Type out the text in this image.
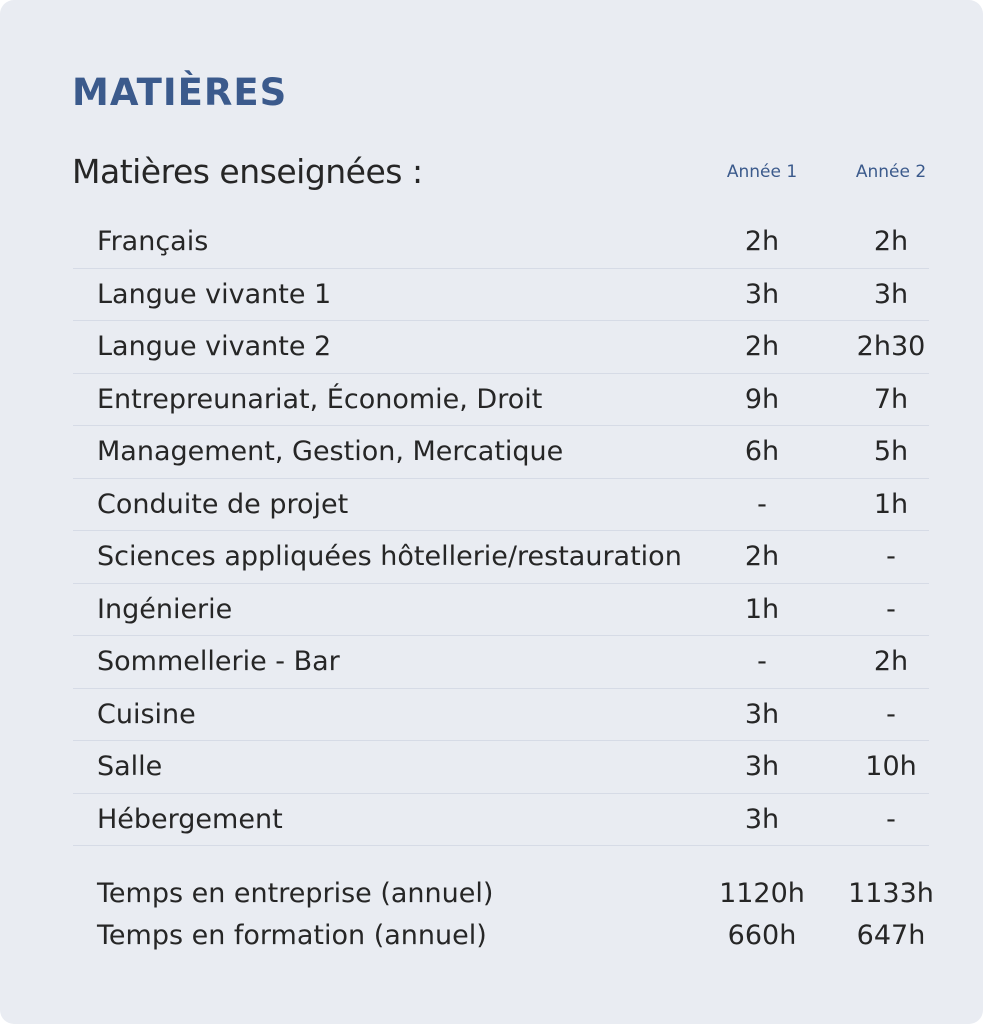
MATIÈRES
Matières enseignées :	Année 1	Année 2
Français	2h	2h
Langue vivante 1	3h	3h
Langue vivante 2	2h	2h30
Entrepreunariat, Économie, Droit	9h	7h
Management, Gestion, Mercatique	6h	5h
Conduite de projet	-	1h
Sciences appliquées hôtellerie/restauration	2h	-
Ingénierie	1h	-
Sommellerie - Bar	-	2h
Cuisine	3h	-
Salle	3h	10h
Hébergement	3h	-
Temps en entreprise (annuel)	1120h	1133h
Temps en formation (annuel)	660h	647h
